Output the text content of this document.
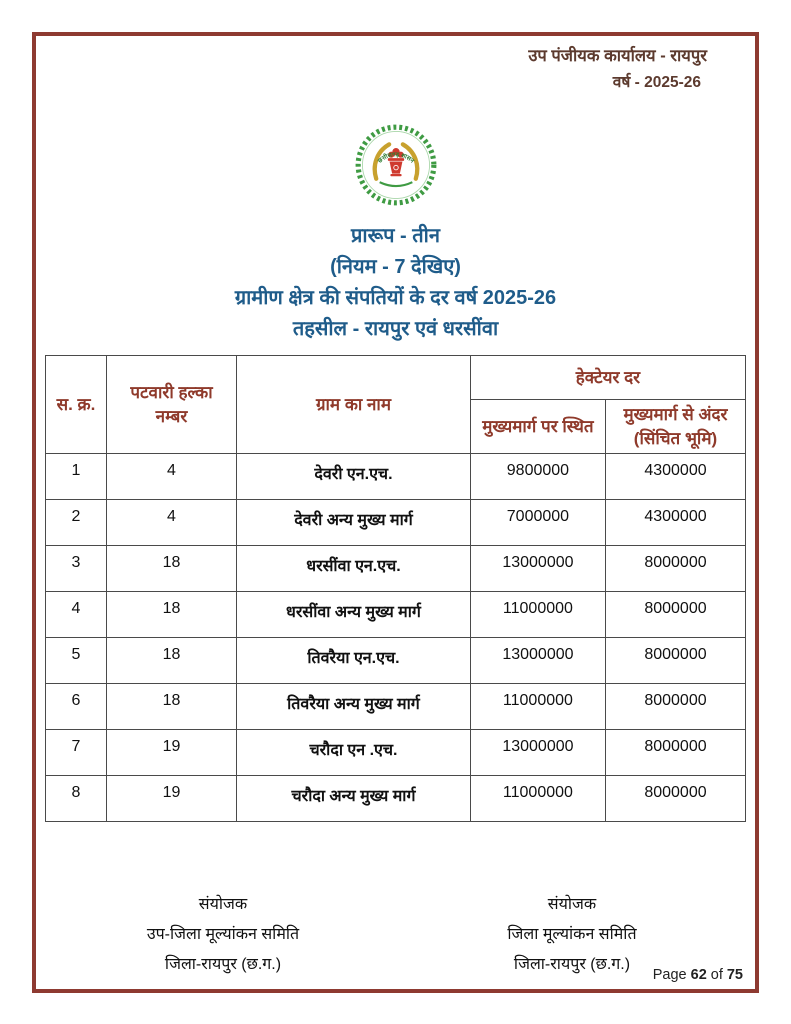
उप पंजीयक कार्यालय - रायपुर
वर्ष - 2025-26
छत्तीसगढ़ शासन
प्रारूप - तीन
(नियम - 7 देखिए)
ग्रामीण क्षेत्र की संपतियों के दर वर्ष 2025-26
तहसील - रायपुर एवं धरसींवा
स. क्र.	पटवारी हल्का नम्बर	ग्राम का नाम	हेक्टेयर दर	
			मुख्यमार्ग पर स्थित	मुख्यमार्ग से अंदर (सिंचित भूमि)
1	4	देवरी एन.एच.	9800000	4300000
2	4	देवरी अन्य मुख्य मार्ग	7000000	4300000
3	18	धरसींवा एन.एच.	13000000	8000000
4	18	धरसींवा अन्य मुख्य मार्ग	11000000	8000000
5	18	तिवरैया एन.एच.	13000000	8000000
6	18	तिवरैया अन्य मुख्य मार्ग	11000000	8000000
7	19	चरौदा एन .एच.	13000000	8000000
8	19	चरौदा अन्य मुख्य मार्ग	11000000	8000000
संयोजक
उप-जिला मूल्यांकन समिति
जिला-रायपुर (छ.ग.)
संयोजक
जिला मूल्यांकन समिति
जिला-रायपुर (छ.ग.)
Page 62 of 75
